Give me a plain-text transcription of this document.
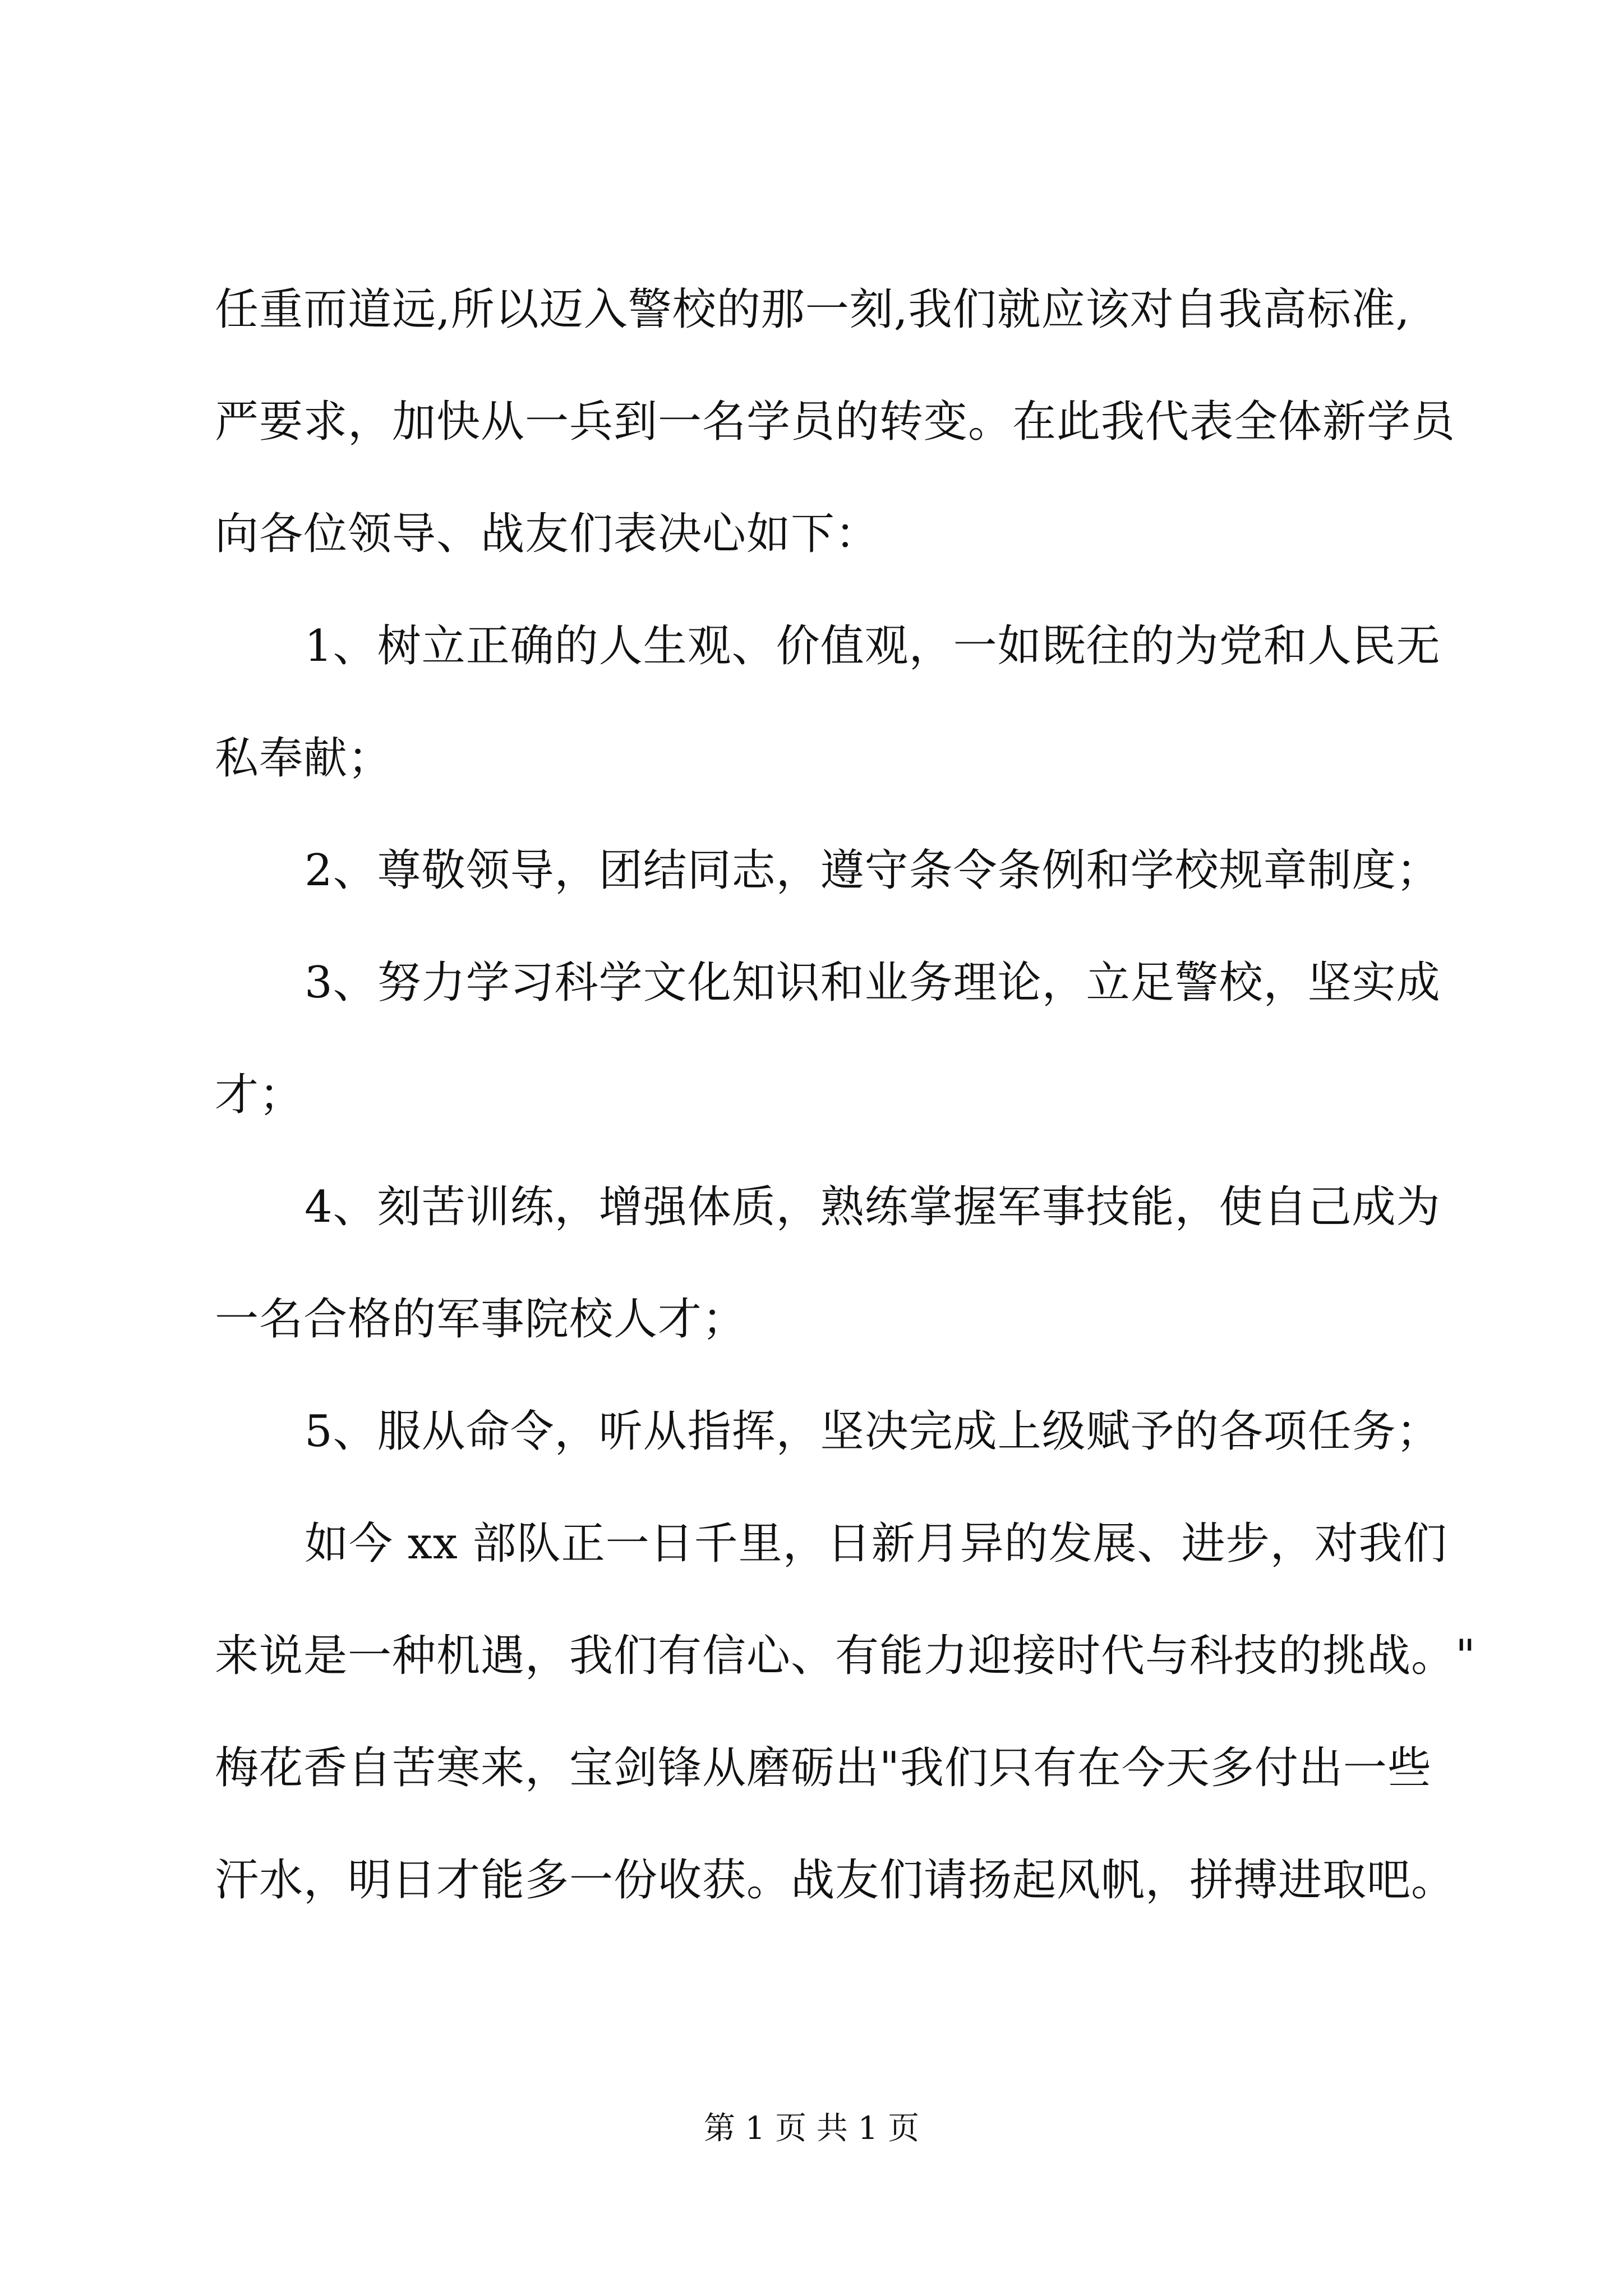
任重而道远,所以迈入警校的那一刻,我们就应该对自我高标准,
严要求，加快从一兵到一名学员的转变。在此我代表全体新学员
向各位领导、战友们表决心如下：
1、树立正确的人生观、价值观，一如既往的为党和人民无
私奉献；
2、尊敬领导，团结同志，遵守条令条例和学校规章制度；
3、努力学习科学文化知识和业务理论，立足警校，坚实成
才；
4、刻苦训练，增强体质，熟练掌握军事技能，使自己成为
一名合格的军事院校人才；
5、服从命令，听从指挥，坚决完成上级赋予的各项任务；
如今 xx 部队正一日千里，日新月异的发展、进步，对我们
来说是一种机遇，我们有信心、有能力迎接时代与科技的挑战。"
梅花香自苦寒来，宝剑锋从磨砺出"我们只有在今天多付出一些
汗水，明日才能多一份收获。战友们请扬起风帆，拼搏进取吧。
第 1 页 共 1 页
